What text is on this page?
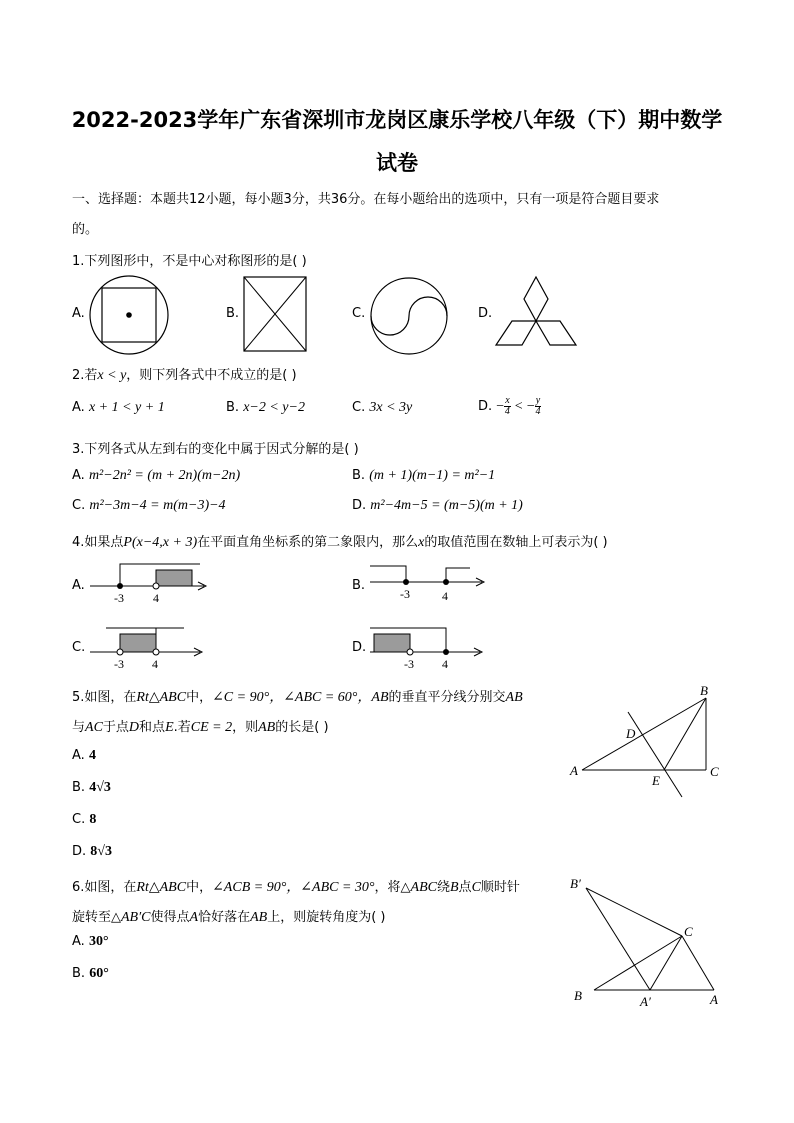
2022-2023学年广东省深圳市龙岗区康乐学校八年级（下）期中数学
试卷
一、选择题：本题共12小题，每小题3分，共36分。在每小题给出的选项中，只有一项是符合题目要求
的。
1.下列图形中，不是中心对称图形的是( )
A.	B.	C.	D.
2.若x < y，则下列各式中不成立的是( )
A. x + 1 < y + 1	B. x−2 < y−2	C. 3x < 3y	D. − $\frac{x}{4}$ < − $\frac{y}{4}$
3.下列各式从左到右的变化中属于因式分解的是( )
A. m²−2n² = (m + 2n)(m−2n)	B. (m + 1)(m−1) = m²−1
C. m²−3m−4 = m(m−3)−4	D. m²−4m−5 = (m−5)(m + 1)
4.如果点P(x−4,x + 3)在平面直角坐标系的第二象限内，那么x的取值范围在数轴上可表示为( )
A.
-3 4
B.
-3	4
C.
-3 4
D.
-3 4
5.如图，在Rt△ABC中，∠C = 90°，∠ABC = 60°，AB的垂直平分线分别交AB
与AC于点D和点E.若CE = 2，则AB的长是( )
A. 4
B. 4√3
C. 8
D. 8√3
A
B
C
D
E
6.如图，在Rt△ABC中，∠ACB = 90°，∠ABC = 30°，将△ABC绕B点C顺时针
旋转至△AB′C使得点A恰好落在AB上，则旋转角度为( )
A. 30°
B. 60°
B′
C
B	A′	A
